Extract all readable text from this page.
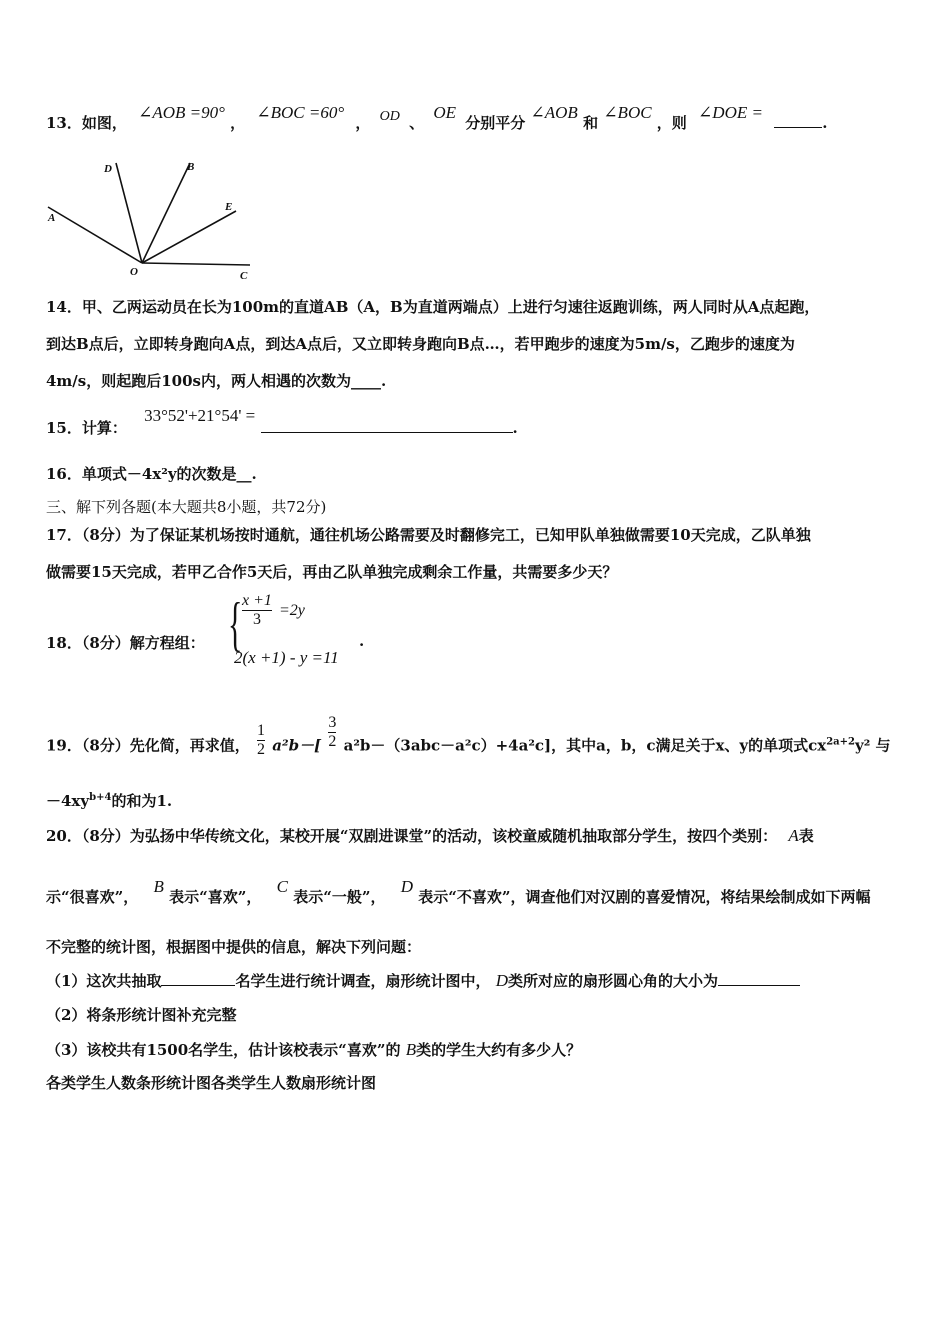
13．如图， ∠AOB =90° ， ∠BOC =60° ， OD 、 OE 分别平分 ∠AOB 和 ∠BOC ，则 ∠DOE = .
D	B
E
A
O	C
14．甲、乙两运动员在长为100m的直道AB（A，B为直道两端点）上进行匀速往返跑训练，两人同时从A点起跑，
到达B点后，立即转身跑向A点，到达A点后，又立即转身跑向B点…，若甲跑步的速度为5m/s，乙跑步的速度为
4m/s，则起跑后100s内，两人相遇的次数为____.
15．计算： 33°52'+21°54' = .
16．单项式－4x²y的次数是__.
三、解下列各题(本大题共8小题，共72分)
17．（8分）为了保证某机场按时通航，通往机场公路需要及时翻修完工，已知甲队单独做需要10天完成，乙队单独
做需要15天完成，若甲乙合作5天后，再由乙队单独完成剩余工作量，共需要多少天？
18．（8分）解方程组： { $\frac{x +1}{3} =2y$
2(x +1) - y =11
.
19．（8分）先化简，再求值， $\frac{1}{2} a^2b-[ \frac{3}{2} a^2b-(3abc-a^2c)+4a^2c]$，其中a，b，c满足关于x、y的单项式$cx^{2a+2}y^2$ 与
$-4xy^{b+4}$的和为1.
20．（8分）为弘扬中华传统文化，某校开展“双剧进课堂”的活动，该校童威随机抽取部分学生，按四个类别： A表
示“很喜欢”， B 表示“喜欢”， C 表示“一般”， D 表示“不喜欢”，调查他们对汉剧的喜爱情况，将结果绘制成如下两幅
不完整的统计图，根据图中提供的信息，解决下列问题：
（1）这次共抽取	名学生进行统计调查，扇形统计图中， D类所对应的扇形圆心角的大小为
（2）将条形统计图补充完整
（3）该校共有1500名学生，估计该校表示“喜欢”的 B类的学生大约有多少人？
各类学生人数条形统计图各类学生人数扇形统计图
